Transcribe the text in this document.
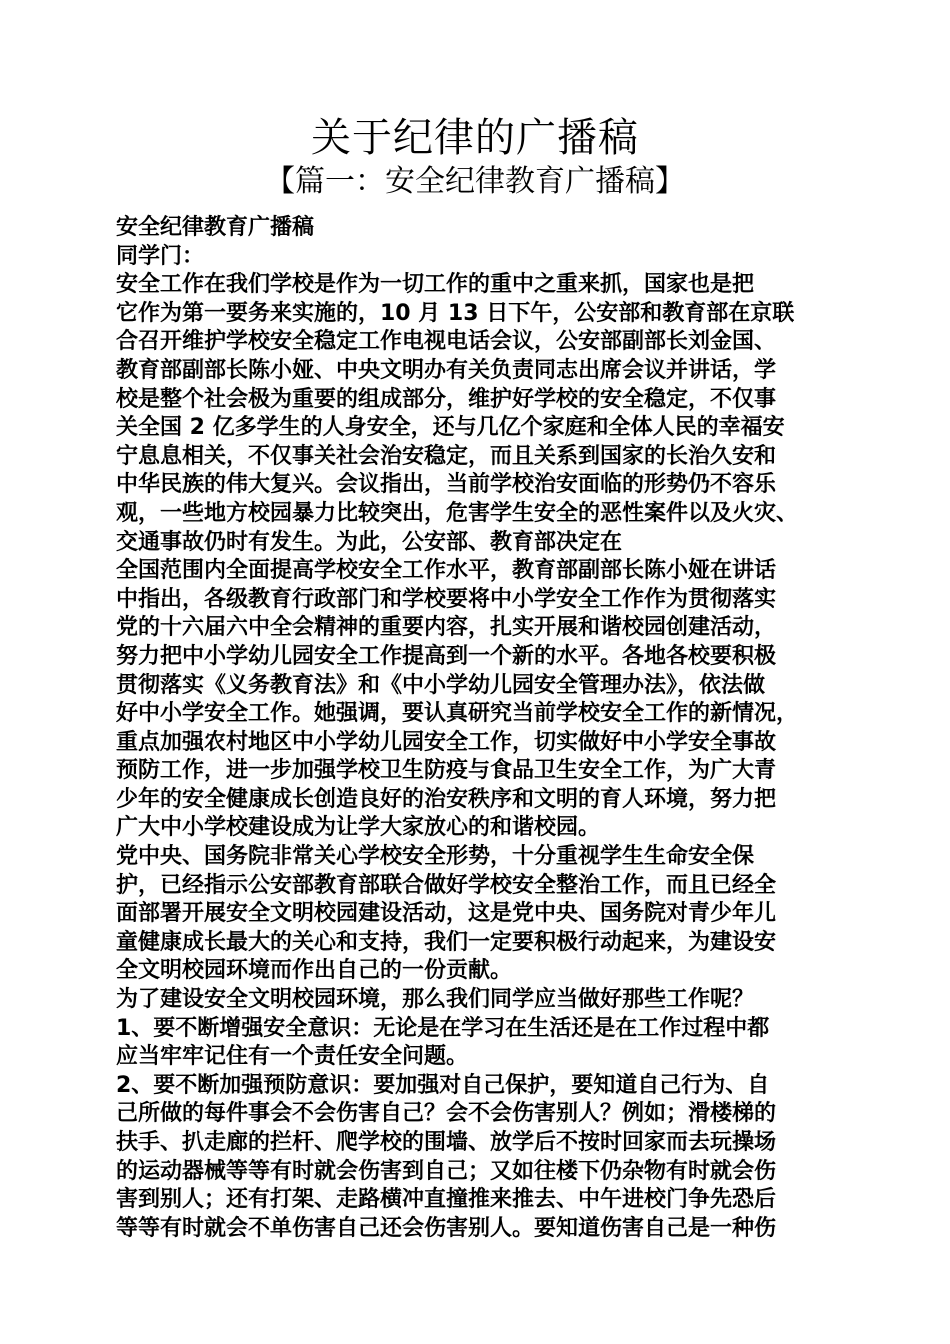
关于纪律的广播稿
【篇一：安全纪律教育广播稿】
安全纪律教育广播稿
同学门：
安全工作在我们学校是作为一切工作的重中之重来抓，国家也是把
它作为第一要务来实施的，10 月 13 日下午，公安部和教育部在京联
合召开维护学校安全稳定工作电视电话会议，公安部副部长刘金国、
教育部副部长陈小娅、中央文明办有关负责同志出席会议并讲话，学
校是整个社会极为重要的组成部分，维护好学校的安全稳定，不仅事
关全国 2 亿多学生的人身安全，还与几亿个家庭和全体人民的幸福安
宁息息相关，不仅事关社会治安稳定，而且关系到国家的长治久安和
中华民族的伟大复兴。会议指出，当前学校治安面临的形势仍不容乐
观，一些地方校园暴力比较突出，危害学生安全的恶性案件以及火灾、
交通事故仍时有发生。为此，公安部、教育部决定在
全国范围内全面提高学校安全工作水平，教育部副部长陈小娅在讲话
中指出，各级教育行政部门和学校要将中小学安全工作作为贯彻落实
党的十六届六中全会精神的重要内容，扎实开展和谐校园创建活动，
努力把中小学幼儿园安全工作提高到一个新的水平。各地各校要积极
贯彻落实《义务教育法》和《中小学幼儿园安全管理办法》，依法做
好中小学安全工作。她强调，要认真研究当前学校安全工作的新情况，
重点加强农村地区中小学幼儿园安全工作，切实做好中小学安全事故
预防工作，进一步加强学校卫生防疫与食品卫生安全工作，为广大青
少年的安全健康成长创造良好的治安秩序和文明的育人环境，努力把
广大中小学校建设成为让学大家放心的和谐校园。
党中央、国务院非常关心学校安全形势，十分重视学生生命安全保
护，已经指示公安部教育部联合做好学校安全整治工作，而且已经全
面部署开展安全文明校园建设活动，这是党中央、国务院对青少年儿
童健康成长最大的关心和支持，我们一定要积极行动起来，为建设安
全文明校园环境而作出自己的一份贡献。
为了建设安全文明校园环境，那么我们同学应当做好那些工作呢？
1、要不断增强安全意识：无论是在学习在生活还是在工作过程中都
应当牢牢记住有一个责任安全问题。
2、要不断加强预防意识：要加强对自己保护，要知道自己行为、自
己所做的每件事会不会伤害自己？会不会伤害别人？例如；滑楼梯的
扶手、扒走廊的拦杆、爬学校的围墙、放学后不按时回家而去玩操场
的运动器械等等有时就会伤害到自己；又如往楼下仍杂物有时就会伤
害到别人；还有打架、走路横冲直撞推来推去、中午进校门争先恐后
等等有时就会不单伤害自己还会伤害别人。要知道伤害自己是一种伤
